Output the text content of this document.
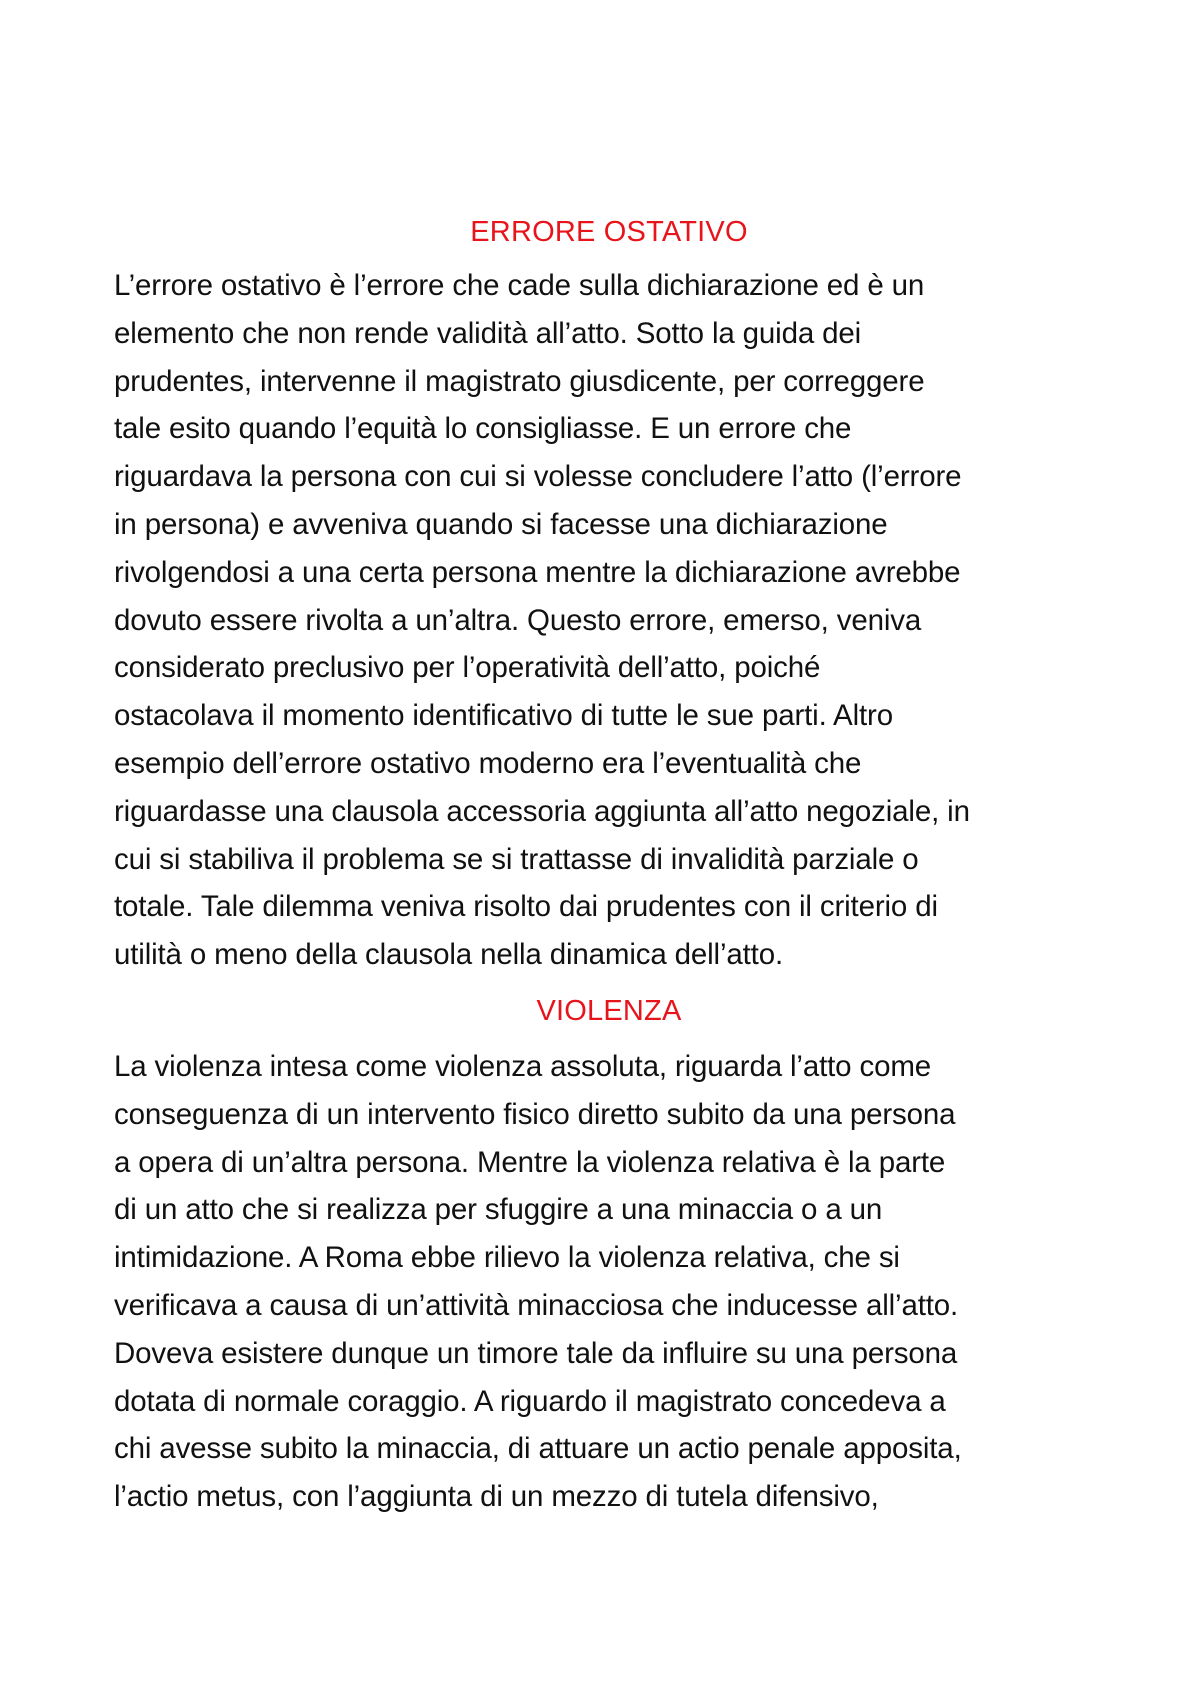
ERRORE OSTATIVO
L’errore ostativo è l’errore che cade sulla dichiarazione ed è un
elemento che non rende validità all’atto. Sotto la guida dei
prudentes, intervenne il magistrato giusdicente, per correggere
tale esito quando l’equità lo consigliasse. E un errore che
riguardava la persona con cui si volesse concludere l’atto (l’errore
in persona) e avveniva quando si facesse una dichiarazione
rivolgendosi a una certa persona mentre la dichiarazione avrebbe
dovuto essere rivolta a un’altra. Questo errore, emerso, veniva
considerato preclusivo per l’operatività dell’atto, poiché
ostacolava il momento identificativo di tutte le sue parti. Altro
esempio dell’errore ostativo moderno era l’eventualità che
riguardasse una clausola accessoria aggiunta all’atto negoziale, in
cui si stabiliva il problema se si trattasse di invalidità parziale o
totale. Tale dilemma veniva risolto dai prudentes con il criterio di
utilità o meno della clausola nella dinamica dell’atto.
VIOLENZA
La violenza intesa come violenza assoluta, riguarda l’atto come
conseguenza di un intervento fisico diretto subito da una persona
a opera di un’altra persona. Mentre la violenza relativa è la parte
di un atto che si realizza per sfuggire a una minaccia o a un
intimidazione. A Roma ebbe rilievo la violenza relativa, che si
verificava a causa di un’attività minacciosa che inducesse all’atto.
Doveva esistere dunque un timore tale da influire su una persona
dotata di normale coraggio. A riguardo il magistrato concedeva a
chi avesse subito la minaccia, di attuare un actio penale apposita,
l’actio metus, con l’aggiunta di un mezzo di tutela difensivo,
